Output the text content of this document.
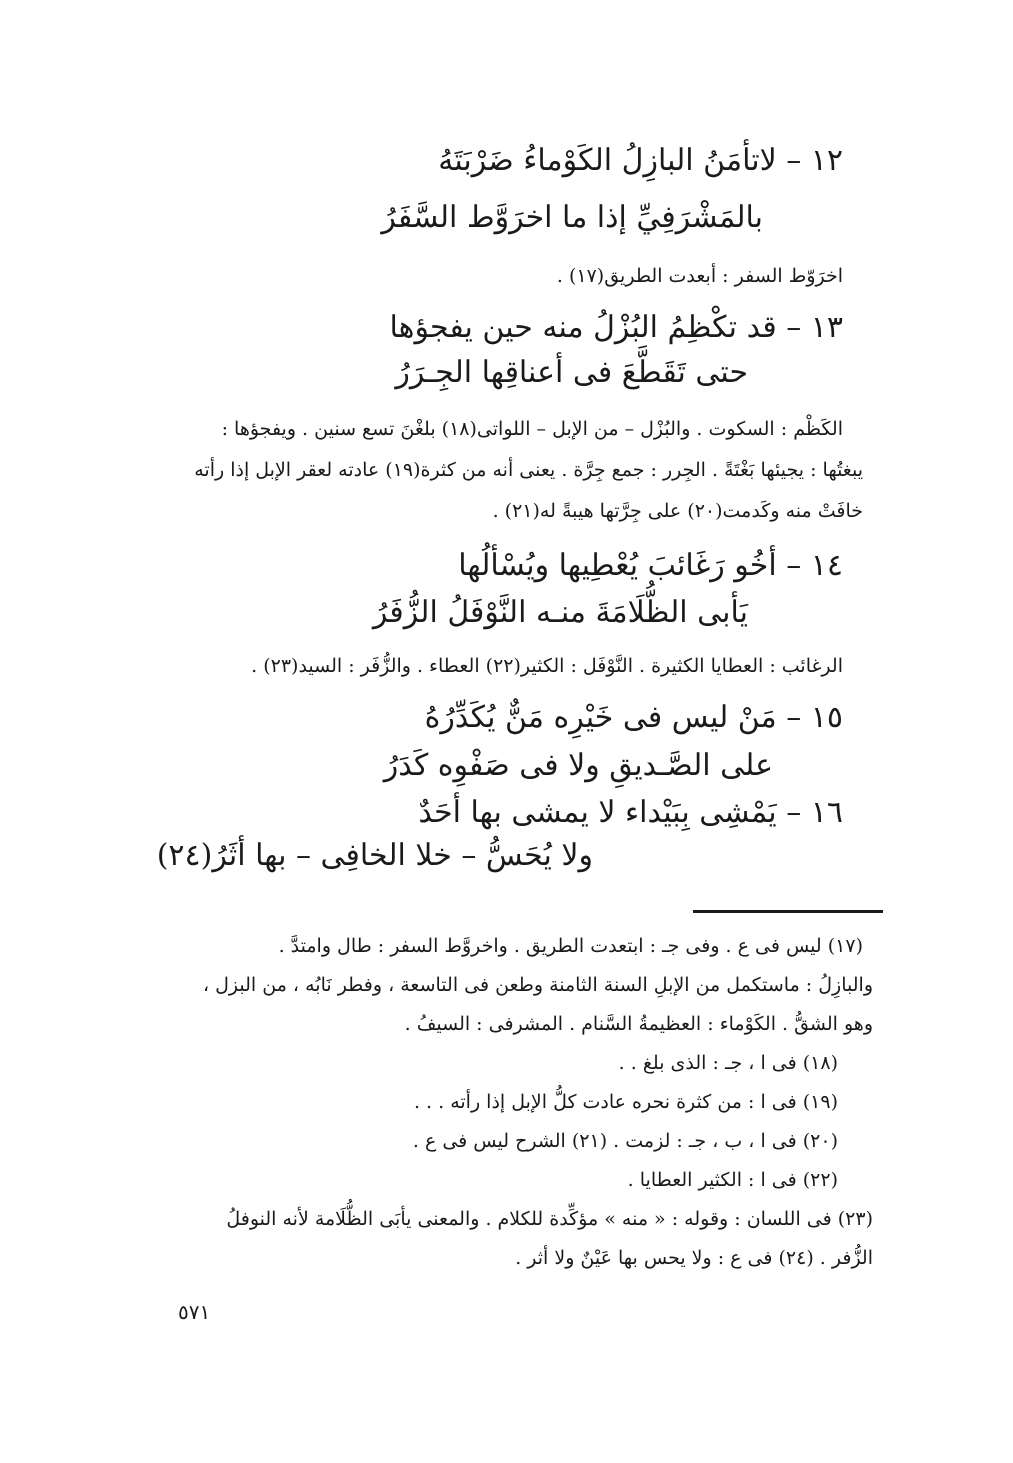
١٢ – لاتأمَنُ البازِلُ الكَوْماءُ ضَرْبَتَهُ
بالمَشْرَفِيِّ إذا ما اخرَوَّط السَّفَرُ
اخرَوّط السفر : أبعدت الطريق(١٧) .
١٣ – قد تكْظِمُ البُزْلُ منه حين يفجؤها
حتى تَقَطَّعَ فى أعناقِها الجِـرَرُ
الكَظْم : السكوت . والبُزْل – من الإبل – اللواتى(١٨) بلغْنَ تسع سنين . ويفجؤها :
يبغتُها : يجيئها بَغْتَةً . الجِرر : جمع جِرَّة . يعنى أنه من كثرة(١٩) عادته لعقر الإبل إذا رأته
خافَتْ منه وكَدمت(٢٠) على جِرَّتها هيبةً له(٢١) .
١٤ – أخُو رَغَائبَ يُعْطِيها ويُسْألُها
يَأبى الظُّلَامَةَ منـه النَّوْفَلُ الزُّفَرُ
الرغائب : العطايا الكثيرة . النَّوْفَل : الكثير(٢٢) العطاء . والزُّفَر : السيد(٢٣) .
١٥ – مَنْ ليس فى خَيْرِه مَنٌّ يُكَدِّرُهُ
على الصَّـديقِ ولا فى صَفْوِه كَدَرُ
١٦ – يَمْشِى بِبَيْداء لا يمشى بها أحَدٌ
ولا يُحَسُّ – خلا الخافِى – بها أثَرُ(٢٤)
(١٧) ليس فى ع . وفى جـ : ابتعدت الطريق . واخروَّط السفر : طال وامتدَّ .
والبازِلُ : ماستكمل من الإبلِ السنة الثامنة وطعن فى التاسعة ، وفطر نَابُه ، من البزل ،
وهو الشقُّ . الكَوْماء : العظيمةُ السَّنام . المشرفى : السيفُ .
(١٨) فى ا ، جـ : الذى بلغ . .
(١٩) فى ا : من كثرة نحره عادت كلُّ الإبل إذا رأته . . .
(٢٠) فى ا ، ب ، جـ : لزمت . (٢١) الشرح ليس فى ع .
(٢٢) فى ا : الكثير العطايا .
(٢٣) فى اللسان : وقوله : « منه » مؤكِّدة للكلام . والمعنى يأبَى الظُّلَامة لأنه النوفلُ
الزُّفر . (٢٤) فى ع : ولا يحس بها عَيْنٌ ولا أثر .
٥٧١
